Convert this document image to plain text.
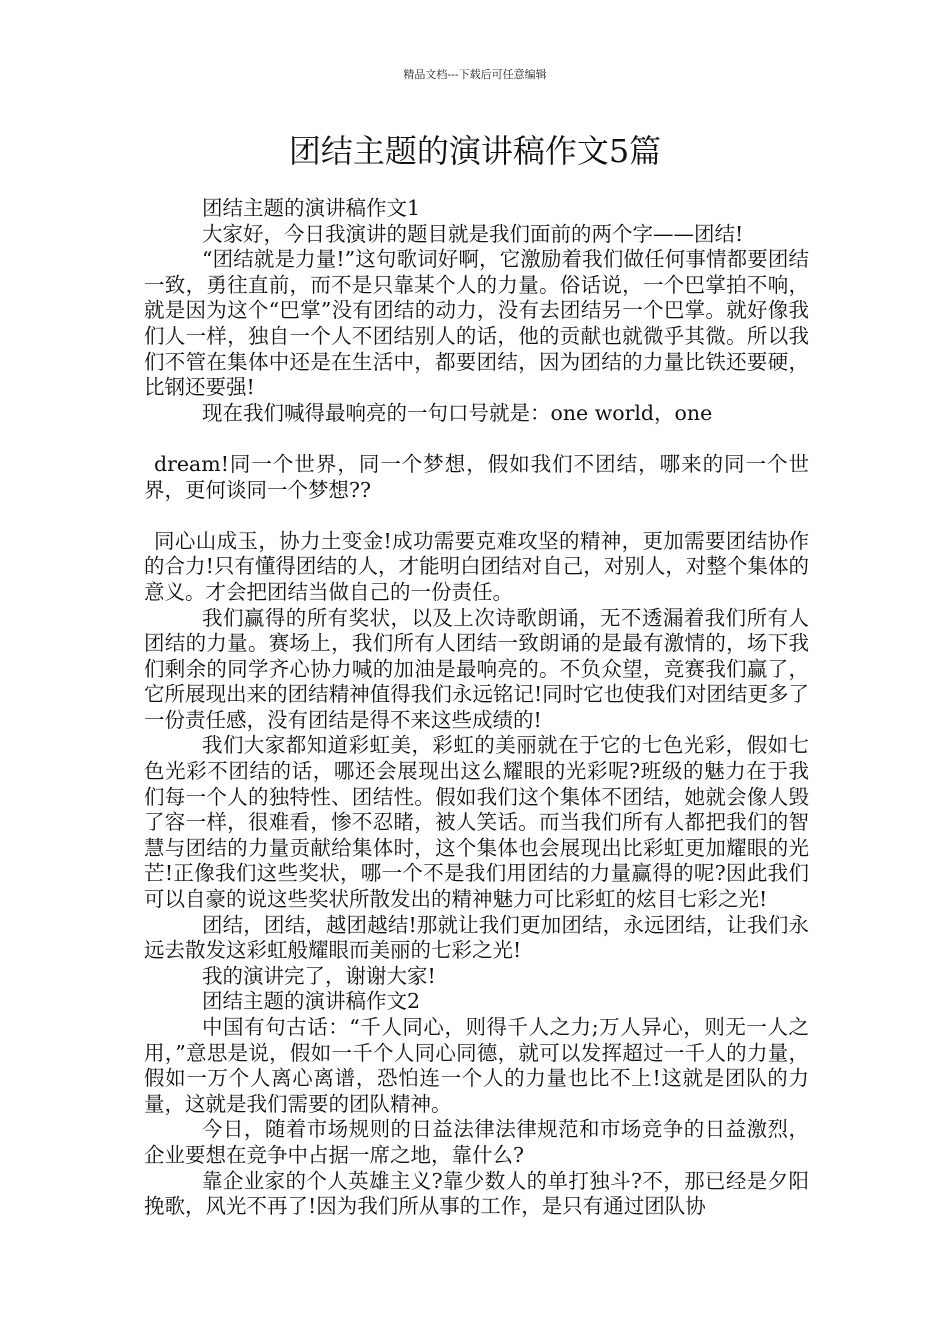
精品文档---下载后可任意编辑
团结主题的演讲稿作文5篇

团结主题的演讲稿作文1

大家好，今日我演讲的题目就是我们面前的两个字——团结!

“团结就是力量!”这句歌词好啊，它激励着我们做任何事情都要团结一致，勇往直前，而不是只靠某个人的力量。俗话说，一个巴掌拍不响，就是因为这个“巴掌”没有团结的动力，没有去团结另一个巴掌。就好像我们人一样，独自一个人不团结别人的话，他的贡献也就微乎其微。所以我们不管在集体中还是在生活中，都要团结，因为团结的力量比铁还要硬，比钢还要强!

现在我们喊得最响亮的一句口号就是：one world，one

dream!同一个世界，同一个梦想，假如我们不团结，哪来的同一个世界，更何谈同一个梦想??

同心山成玉，协力土变金!成功需要克难攻坚的精神，更加需要团结协作的合力!只有懂得团结的人，才能明白团结对自己，对别人，对整个集体的意义。才会把团结当做自己的一份责任。

我们赢得的所有奖状，以及上次诗歌朗诵，无不透漏着我们所有人团结的力量。赛场上，我们所有人团结一致朗诵的是最有激情的，场下我们剩余的同学齐心协力喊的加油是最响亮的。不负众望，竞赛我们赢了，它所展现出来的团结精神值得我们永远铭记!同时它也使我们对团结更多了一份责任感，没有团结是得不来这些成绩的!

我们大家都知道彩虹美，彩虹的美丽就在于它的七色光彩，假如七色光彩不团结的话，哪还会展现出这么耀眼的光彩呢?班级的魅力在于我们每一个人的独特性、团结性。假如我们这个集体不团结，她就会像人毁了容一样，很难看，惨不忍睹，被人笑话。而当我们所有人都把我们的智慧与团结的力量贡献给集体时，这个集体也会展现出比彩虹更加耀眼的光芒!正像我们这些奖状，哪一个不是我们用团结的力量赢得的呢?因此我们可以自豪的说这些奖状所散发出的精神魅力可比彩虹的炫目七彩之光!

团结，团结，越团越结!那就让我们更加团结，永远团结，让我们永远去散发这彩虹般耀眼而美丽的七彩之光!

我的演讲完了，谢谢大家!

团结主题的演讲稿作文2

中国有句古话：“千人同心，则得千人之力;万人异心，则无一人之用，”意思是说，假如一千个人同心同德，就可以发挥超过一千人的力量，假如一万个人离心离谱，恐怕连一个人的力量也比不上!这就是团队的力量，这就是我们需要的团队精神。

今日，随着市场规则的日益法律法律规范和市场竞争的日益激烈，企业要想在竞争中占据一席之地，靠什么?

靠企业家的个人英雄主义?靠少数人的单打独斗?不，那已经是夕阳挽歌，风光不再了!因为我们所从事的工作，是只有通过团队协
